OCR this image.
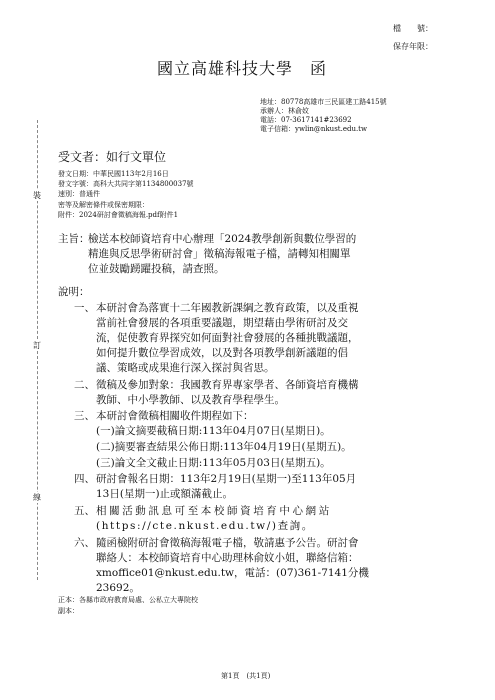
檔　　號：
保存年限：
國立高雄科技大學　函
地址：80778高雄市三民區建工路415號
承辦人：林俞妏
電話：07-3617141#23692
電子信箱：ywlin@nkust.edu.tw
受文者：如行文單位
發文日期：中華民國113年2月16日
發文字號：高科大共同字第1134800037號
速別：普通件
密等及解密條件或保密期限：
附件：2024研討會徵稿海報.pdf附件1
裝
訂
線
主旨：
檢送本校師資培育中心辦理「2024教學創新與數位學習的
精進與反思學術研討會」徵稿海報電子檔，請轉知相關單
位並鼓勵踴躍投稿，請查照。
說明：
一、 本研討會為落實十二年國教新課綱之教育政策，以及重視
當前社會發展的各項重要議題，期望藉由學術研討及交
流，促使教育界探究如何面對社會發展的各種挑戰議題，
如何提升數位學習成效，以及對各項教學創新議題的倡
議、策略或成果進行深入探討與省思。
二、 徵稿及參加對象：我國教育界專家學者、各師資培育機構
教師、中小學教師、以及教育學程學生。
三、 本研討會徵稿相關收件期程如下：
(一)論文摘要截稿日期:113年04月07日(星期日)。
(二)摘要審查結果公佈日期:113年04月19日(星期五)。
(三)論文全文截止日期:113年05月03日(星期五)。
四、 研討會報名日期：113年2月19日(星期一)至113年05月
13日(星期一)止或額滿截止。
五、 相關活動訊息可至本校師資培育中心網站
(https://cte.nkust.edu.tw/)查詢。
六、 隨函檢附研討會徵稿海報電子檔，敬請惠予公告。研討會
聯絡人：本校師資培育中心助理林俞妏小姐，聯絡信箱：
xmoffice01@nkust.edu.tw，電話：(07)361-7141分機
23692。
正本：各縣市政府教育局處、公私立大專院校
副本：
第1頁　(共1頁)
